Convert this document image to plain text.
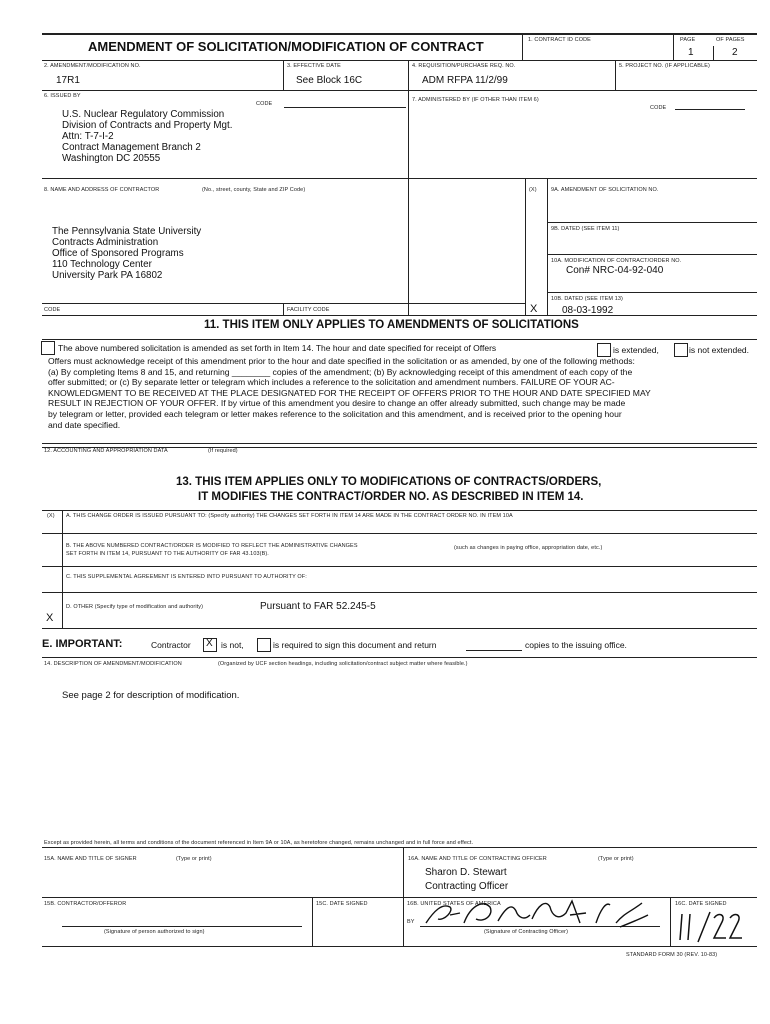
AMENDMENT OF SOLICITATION/MODIFICATION OF CONTRACT	1. CONTRACT ID CODE	PAGE	OF PAGES
1	2
2. AMENDMENT/MODIFICATION NO.
17R1
3. EFFECTIVE DATE
See Block 16C
4. REQUISITION/PURCHASE REQ. NO.
ADM RFPA 11/2/99
5. PROJECT NO. (IF APPLICABLE)
6. ISSUED BY
CODE
U.S. Nuclear Regulatory Commission
Division of Contracts and Property Mgt.
Attn: T-7-I-2
Contract Management Branch 2
Washington DC 20555
7. ADMINISTERED BY (IF OTHER THAN ITEM 6)
CODE
8. NAME AND ADDRESS OF CONTRACTOR	(No., street, county, State and ZIP Code)
The Pennsylvania State University
Contracts Administration
Office of Sponsored Programs
110 Technology Center
University Park PA 16802
CODE	FACILITY CODE
(X)	9A. AMENDMENT OF SOLICITATION NO.
9B. DATED (SEE ITEM 11)
10A. MODIFICATION OF CONTRACT/ORDER NO.
Con# NRC-04-92-040
10B. DATED (SEE ITEM 13)
08-03-1992
X
11. THIS ITEM ONLY APPLIES TO AMENDMENTS OF SOLICITATIONS
The above numbered solicitation is amended as set forth in Item 14. The hour and date specified for receipt of Offers	is extended,	is not extended.
Offers must acknowledge receipt of this amendment prior to the hour and date specified in the solicitation or as amended, by one of the following methods:
(a) By completing Items 8 and 15, and returning ________ copies of the amendment; (b) By acknowledging receipt of this amendment of each copy of the
offer submitted; or (c) By separate letter or telegram which includes a reference to the solicitation and amendment numbers. FAILURE OF YOUR AC-
KNOWLEDGMENT TO BE RECEIVED AT THE PLACE DESIGNATED FOR THE RECEIPT OF OFFERS PRIOR TO THE HOUR AND DATE SPECIFIED MAY
RESULT IN REJECTION OF YOUR OFFER. If by virtue of this amendment you desire to change an offer already submitted, such change may be made
by telegram or letter, provided each telegram or letter makes reference to the solicitation and this amendment, and is received prior to the opening hour
and date specified.
12. ACCOUNTING AND APPROPRIATION DATA	(If required)
13. THIS ITEM APPLIES ONLY TO MODIFICATIONS OF CONTRACTS/ORDERS,
IT MODIFIES THE CONTRACT/ORDER NO. AS DESCRIBED IN ITEM 14.
(X) A. THIS CHANGE ORDER IS ISSUED PURSUANT TO: (Specify authority) THE CHANGES SET FORTH IN ITEM 14 ARE MADE IN THE CONTRACT ORDER NO. IN ITEM 10A
B. THE ABOVE NUMBERED CONTRACT/ORDER IS MODIFIED TO REFLECT THE ADMINISTRATIVE CHANGES	(such as changes in paying office, appropriation date, etc.)
SET FORTH IN ITEM 14, PURSUANT TO THE AUTHORITY OF FAR 43.103(B).
C. THIS SUPPLEMENTAL AGREEMENT IS ENTERED INTO PURSUANT TO AUTHORITY OF:
D. OTHER (Specify type of modification and authority)	Pursuant to FAR 52.245-5
X
E. IMPORTANT:	Contractor X is not,	is required to sign this document and return	copies to the issuing office.
14. DESCRIPTION OF AMENDMENT/MODIFICATION	(Organized by UCF section headings, including solicitation/contract subject matter where feasible.)
See page 2 for description of modification.
Except as provided herein, all terms and conditions of the document referenced in Item 9A or 10A, as heretofore changed, remains unchanged and in full force and effect.
15A. NAME AND TITLE OF SIGNER	(Type or print)	16A. NAME AND TITLE OF CONTRACTING OFFICER	(Type or print)
Sharon D. Stewart
Contracting Officer
15B. CONTRACTOR/OFFEROR
(Signature of person authorized to sign)
15C. DATE SIGNED	16B. UNITED STATES OF AMERICA
BY
(Signature of Contracting Officer)
16C. DATE SIGNED
STANDARD FORM 30 (REV. 10-83)
